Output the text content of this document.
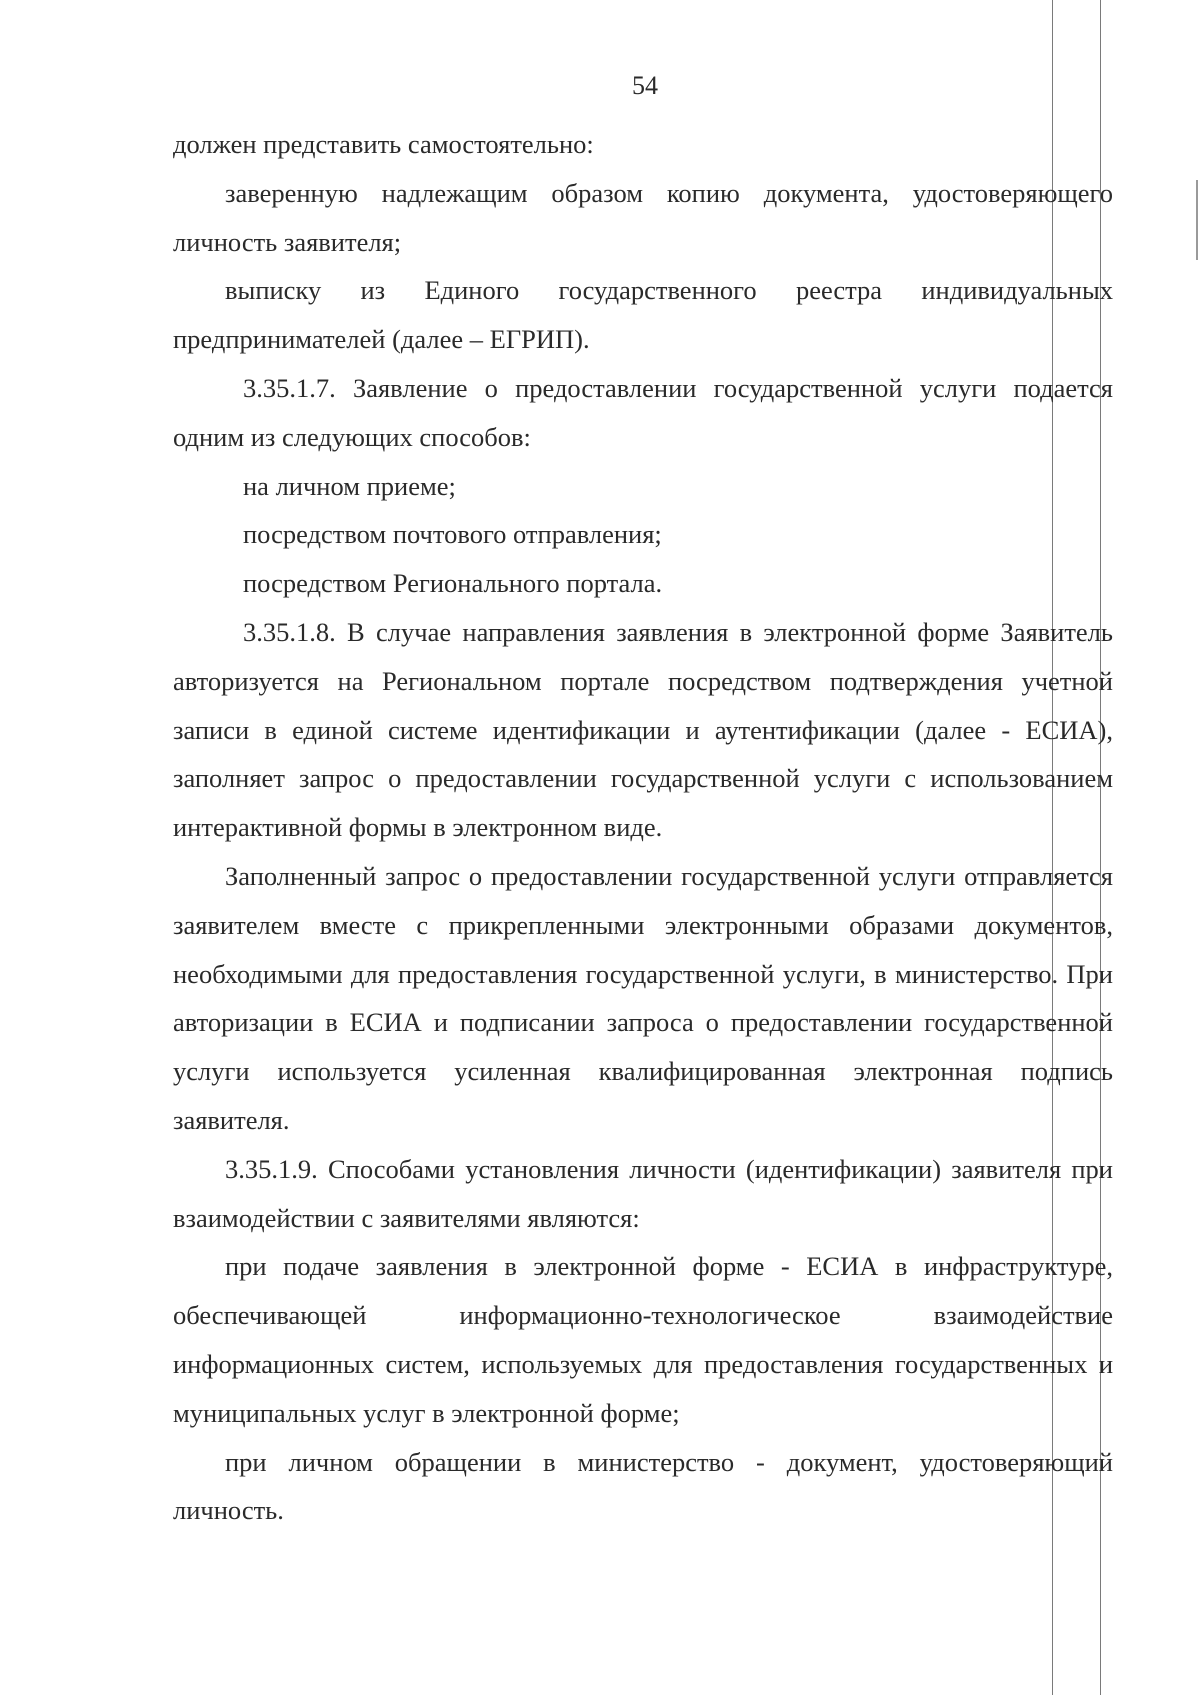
54

должен представить самостоятельно:

заверенную надлежащим образом копию документа, удостоверяющего личность заявителя;

выписку из Единого государственного реестра индивидуальных предпринимателей (далее – ЕГРИП).

3.35.1.7. Заявление о предоставлении государственной услуги подается одним из следующих способов:

на личном приеме;

посредством почтового отправления;

посредством Регионального портала.

3.35.1.8. В случае направления заявления в электронной форме Заявитель авторизуется на Региональном портале посредством подтверждения учетной записи в единой системе идентификации и аутентификации (далее - ЕСИА), заполняет запрос о предоставлении государственной услуги с использованием интерактивной формы в электронном виде.

Заполненный запрос о предоставлении государственной услуги отправляется заявителем вместе с прикрепленными электронными образами документов, необходимыми для предоставления государственной услуги, в министерство. При авторизации в ЕСИА и подписании запроса о предоставлении государственной услуги используется усиленная квалифицированная электронная подпись заявителя.

3.35.1.9. Способами установления личности (идентификации) заявителя при взаимодействии с заявителями являются:

при подаче заявления в электронной форме - ЕСИА в инфраструктуре, обеспечивающей информационно-технологическое взаимодействие информационных систем, используемых для предоставления государственных и муниципальных услуг в электронной форме;

при личном обращении в министерство - документ, удостоверяющий личность.
